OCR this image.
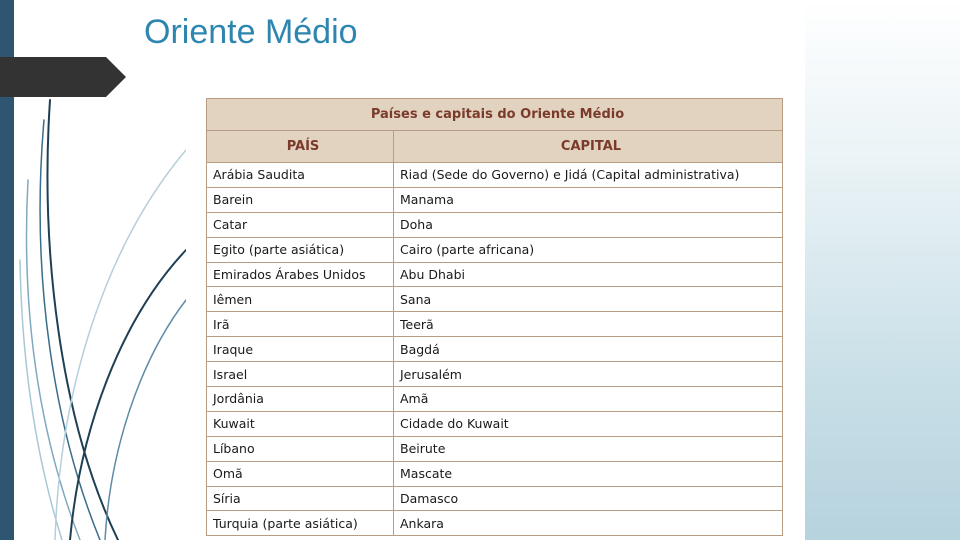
Oriente Médio
Países e capitais do Oriente Médio	
PAÍS	CAPITAL
Arábia Saudita	Riad (Sede do Governo) e Jidá (Capital administrativa)
Barein	Manama
Catar	Doha
Egito (parte asiática)	Cairo (parte africana)
Emirados Árabes Unidos	Abu Dhabi
Iêmen	Sana
Irã	Teerã
Iraque	Bagdá
Israel	Jerusalém
Jordânia	Amã
Kuwait	Cidade do Kuwait
Líbano	Beirute
Omã	Mascate
Síria	Damasco
Turquia (parte asiática)	Ankara
